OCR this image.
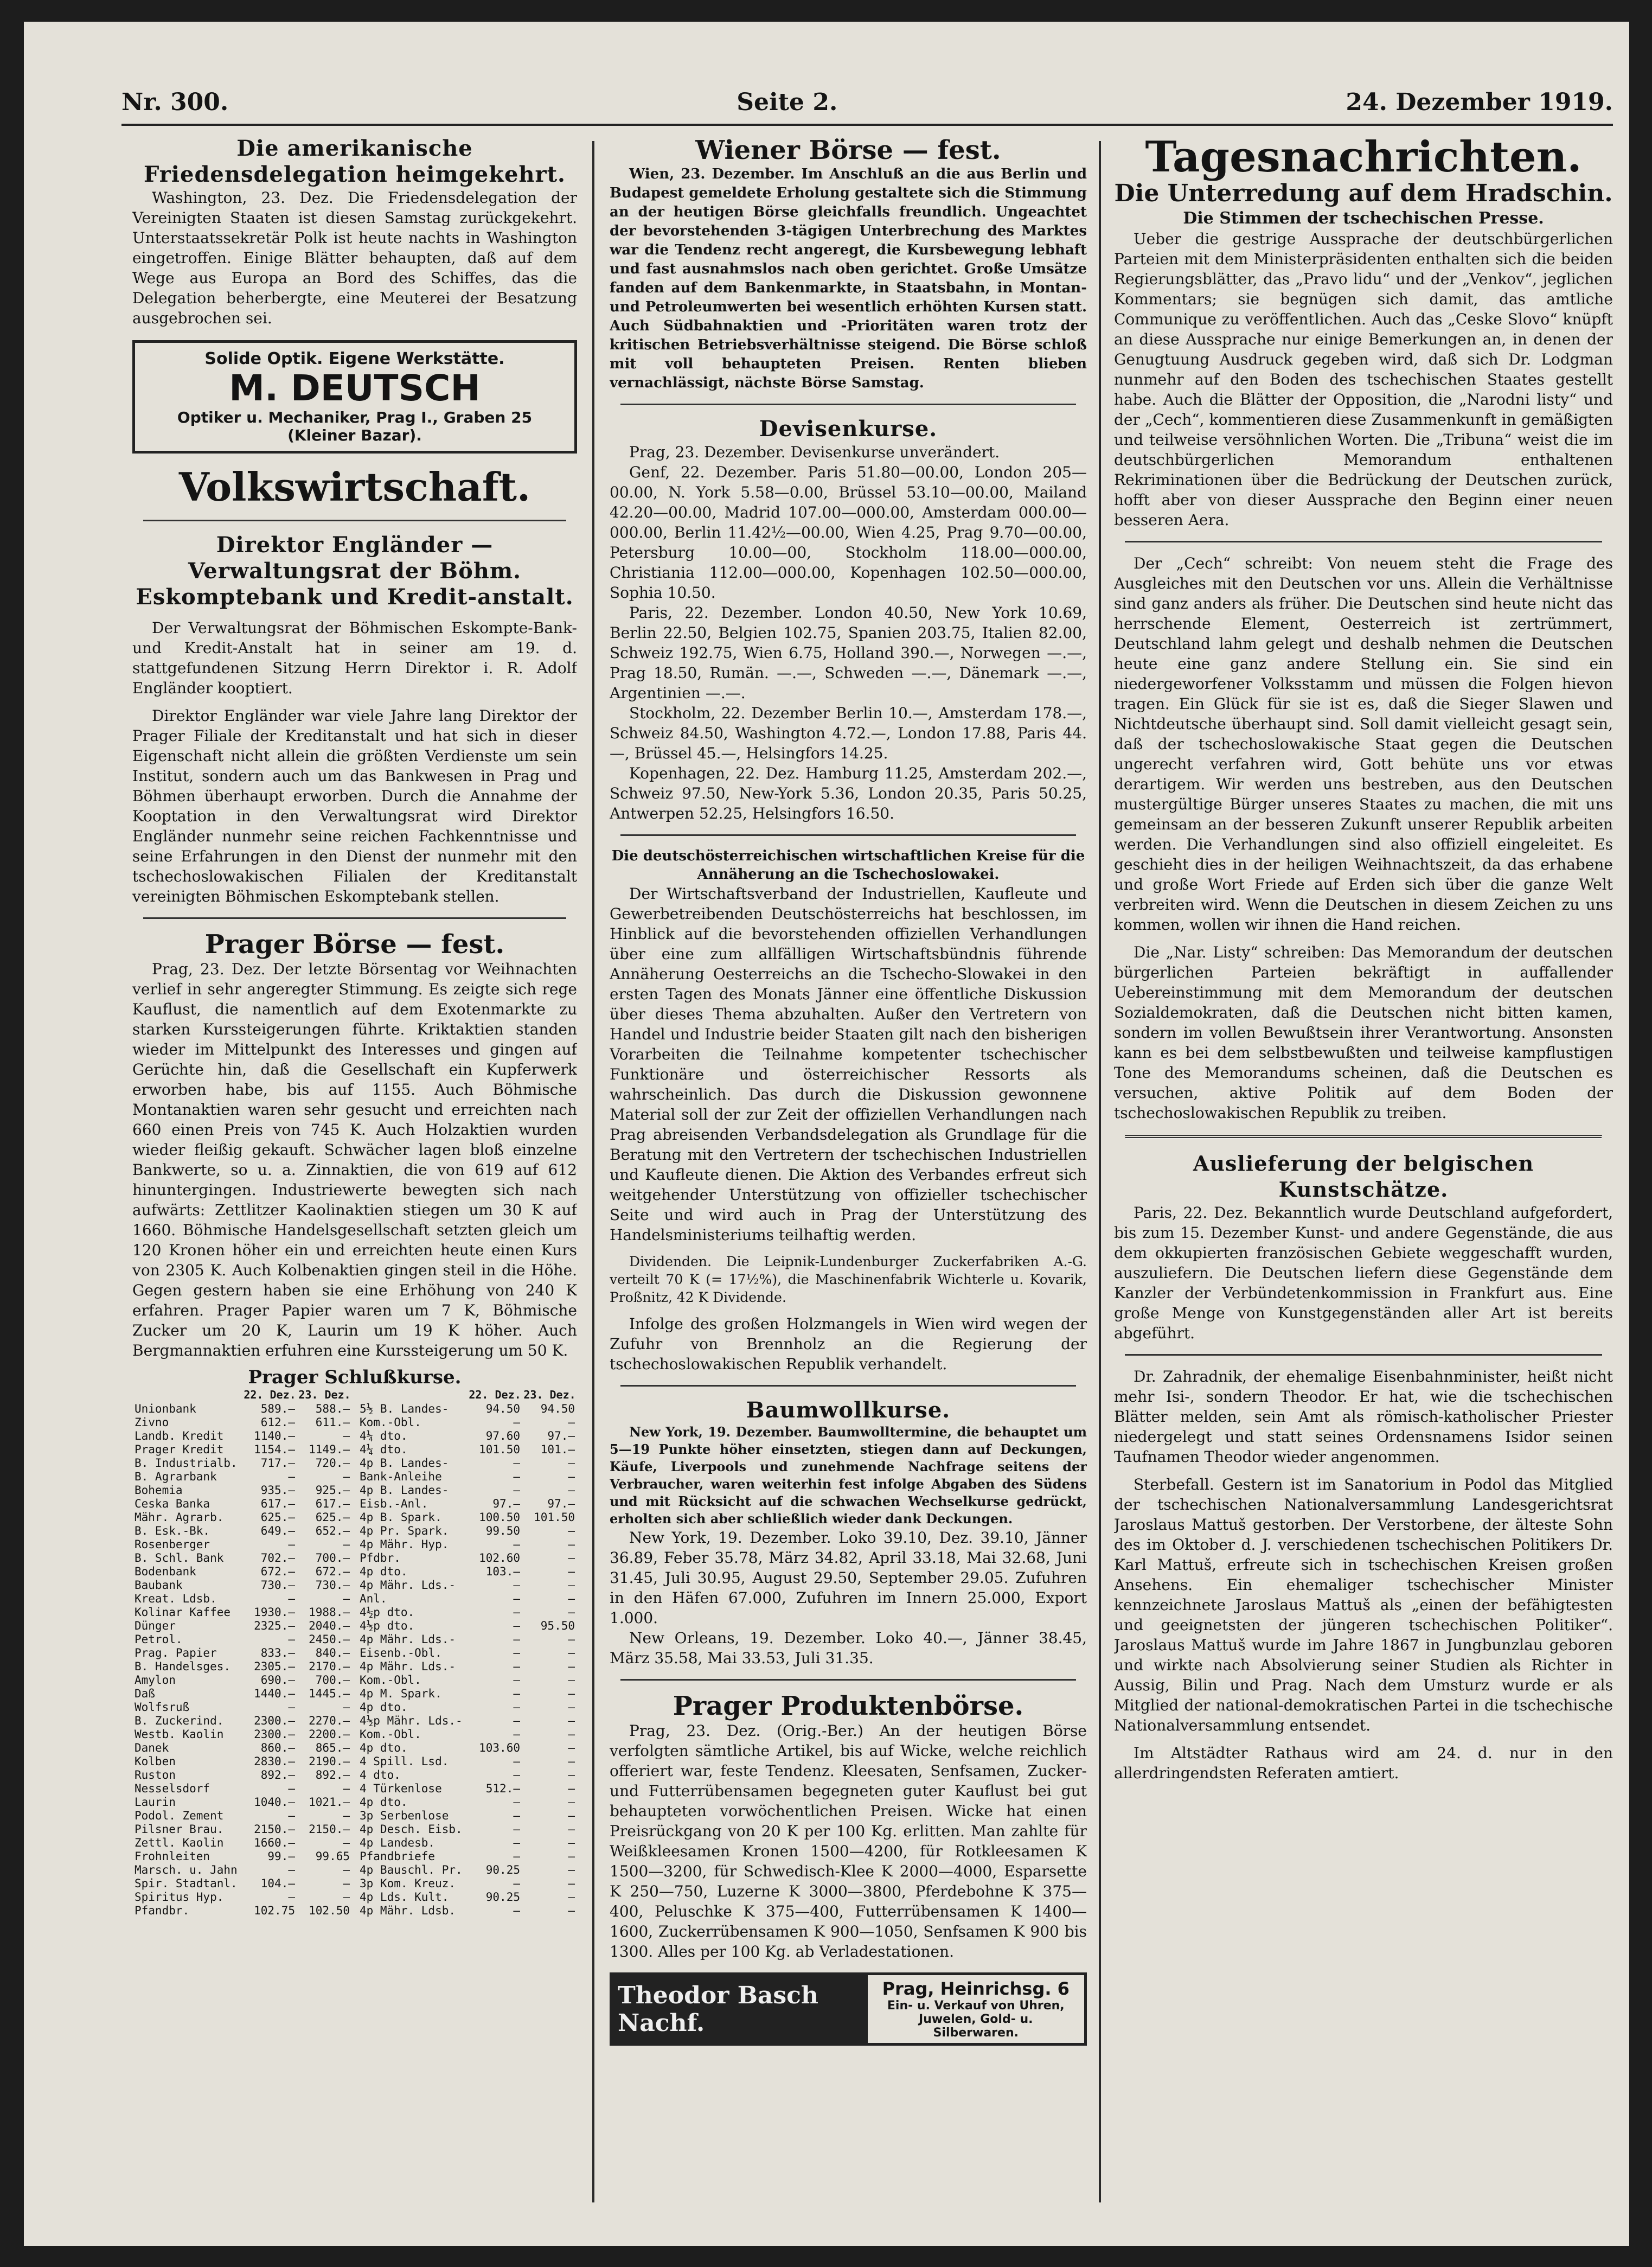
Nr. 300.	Seite 2.	24. Dezember 1919.
Die amerikanische Friedensdelegation heimgekehrt.

Washington, 23. Dez. Die Friedensdelegation der Vereinigten Staaten ist diesen Samstag zurückgekehrt. Unterstaatssekretär Polk ist heute nachts in Washington eingetroffen. Einige Blätter behaupten, daß auf dem Wege aus Europa an Bord des Schiffes, das die Delegation beherbergte, eine Meuterei der Besatzung ausgebrochen sei.

Solide Optik. Eigene Werkstätte.
M. DEUTSCH
Optiker u. Mechaniker, Prag I., Graben 25
(Kleiner Bazar).
Volkswirtschaft.
Direktor Engländer — Verwaltungsrat der Böhm. Eskomptebank und Kredit-anstalt.

Der Verwaltungsrat der Böhmischen Eskompte-Bank- und Kredit-Anstalt hat in seiner am 19. d. stattgefundenen Sitzung Herrn Direktor i. R. Adolf Engländer kooptiert.

Direktor Engländer war viele Jahre lang Direktor der Prager Filiale der Kreditanstalt und hat sich in dieser Eigenschaft nicht allein die größten Verdienste um sein Institut, sondern auch um das Bankwesen in Prag und Böhmen überhaupt erworben. Durch die Annahme der Kooptation in den Verwaltungsrat wird Direktor Engländer nunmehr seine reichen Fachkenntnisse und seine Erfahrungen in den Dienst der nunmehr mit den tschechoslowakischen Filialen der Kreditanstalt vereinigten Böhmischen Eskomptebank stellen.

Prager Börse — fest.

Prag, 23. Dez. Der letzte Börsentag vor Weihnachten verlief in sehr angeregter Stimmung. Es zeigte sich rege Kauflust, die namentlich auf dem Exotenmarkte zu starken Kurssteigerungen führte. Kriktaktien standen wieder im Mittelpunkt des Interesses und gingen auf Gerüchte hin, daß die Gesellschaft ein Kupferwerk erworben habe, bis auf 1155. Auch Böhmische Montanaktien waren sehr gesucht und erreichten nach 660 einen Preis von 745 K. Auch Holzaktien wurden wieder fleißig gekauft. Schwächer lagen bloß einzelne Bankwerte, so u. a. Zinnaktien, die von 619 auf 612 hinuntergingen. Industriewerte bewegten sich nach aufwärts: Zettlitzer Kaolinaktien stiegen um 30 K auf 1660. Böhmische Handelsgesellschaft setzten gleich um 120 Kronen höher ein und erreichten heute einen Kurs von 2305 K. Auch Kolbenaktien gingen steil in die Höhe. Gegen gestern haben sie eine Erhöhung von 240 K erfahren. Prager Papier waren um 7 K, Böhmische Zucker um 20 K, Laurin um 19 K höher. Auch Bergmannaktien erfuhren eine Kurssteigerung um 50 K.

Prager Schlußkurse.
	22. Dez.	23. Dez.
Unionbank	589.—	588.—
Zivno	612.—	611.—
Landb. Kredit	1140.—	—
Prager Kredit	1154.—	1149.—
B. Industrialb.	717.—	720.—
B. Agrarbank	—	—
Bohemia	935.—	925.—
Ceska Banka	617.—	617.—
Mähr. Agrarb.	625.—	625.—
B. Esk.-Bk.	649.—	652.—
Rosenberger	—	—
B. Schl. Bank	702.—	700.—
Bodenbank	672.—	672.—
Baubank	730.—	730.—
Kreat. Ldsb.	—	—
Kolinar Kaffee	1930.—	1988.—
Dünger	2325.—	2040.—
Petrol.	—	2450.—
Prag. Papier	833.—	840.—
B. Handelsges.	2305.—	2170.—
Amylon	690.—	700.—
Daß	1440.—	1445.—
Wolfsruß	—	—
B. Zuckerind.	2300.—	2270.—
Westb. Kaolin	2300.—	2200.—
Danek	860.—	865.—
Kolben	2830.—	2190.—
Ruston	892.—	892.—
Nesselsdorf	—	—
Laurin	1040.—	1021.—
Podol. Zement	—	—
Pilsner Brau.	2150.—	2150.—
Zettl. Kaolin	1660.—	—
Frohnleiten	99.—	99.65
Marsch. u. Jahn	—	—
Spir. Stadtanl.	104.—	—
Spiritus Hyp.	—	—
Pfandbr.	102.75	102.50
	22. Dez.	23. Dez.
5½ B. Landes-	94.50	94.50
Kom.-Obl.	—	—
4¼ dto.	97.60	97.—
4¼ dto.	101.50	101.—
4p B. Landes-	—	—
Bank-Anleihe	—	—
4p B. Landes-	—	—
Eisb.-Anl.	97.—	97.—
4p B. Spark.	100.50	101.50
4p Pr. Spark.	99.50	—
4p Mähr. Hyp.	—	—
Pfdbr.	102.60	—
4p dto.	103.—	—
4p Mähr. Lds.-	—	—
Anl.	—	—
4½p dto.	—	—
4½p dto.	—	95.50
4p Mähr. Lds.-	—	—
Eisenb.-Obl.	—	—
4p Mähr. Lds.-	—	—
Kom.-Obl.	—	—
4p M. Spark.	—	—
4p dto.	—	—
4½p Mähr. Lds.-	—	—
Kom.-Obl.	—	—
4p dto.	103.60	—
4 Spill. Lsd.	—	—
4 dto.	—	—
4 Türkenlose	512.—	—
4p dto.	—	—
3p Serbenlose	—	—
4p Desch. Eisb.	—	—
4p Landesb.	—	—
Pfandbriefe	—	—
4p Bauschl. Pr.	90.25	—
3p Kom. Kreuz.	—	—
4p Lds. Kult.	90.25	—
4p Mähr. Ldsb.	—	—
Wiener Börse — fest.

Wien, 23. Dezember. Im Anschluß an die aus Berlin und Budapest gemeldete Erholung gestaltete sich die Stimmung an der heutigen Börse gleichfalls freundlich. Ungeachtet der bevorstehenden 3-tägigen Unterbrechung des Marktes war die Tendenz recht angeregt, die Kursbewegung lebhaft und fast ausnahmslos nach oben gerichtet. Große Umsätze fanden auf dem Bankenmarkte, in Staatsbahn, in Montan- und Petroleumwerten bei wesentlich erhöhten Kursen statt. Auch Südbahnaktien und -Prioritäten waren trotz der kritischen Betriebsverhältnisse steigend. Die Börse schloß mit voll behaupteten Preisen. Renten blieben vernachlässigt, nächste Börse Samstag.

Devisenkurse.

Prag, 23. Dezember. Devisenkurse unverändert.

Genf, 22. Dezember. Paris 51.80—00.00, London 205—00.00, N. York 5.58—0.00, Brüssel 53.10—00.00, Mailand 42.20—00.00, Madrid 107.00—000.00, Amsterdam 000.00—000.00, Berlin 11.42½—00.00, Wien 4.25, Prag 9.70—00.00, Petersburg 10.00—00, Stockholm 118.00—000.00, Christiania 112.00—000.00, Kopenhagen 102.50—000.00, Sophia 10.50.

Paris, 22. Dezember. London 40.50, New York 10.69, Berlin 22.50, Belgien 102.75, Spanien 203.75, Italien 82.00, Schweiz 192.75, Wien 6.75, Holland 390.—, Norwegen —.—, Prag 18.50, Rumän. —.—, Schweden —.—, Dänemark —.—, Argentinien —.—.

Stockholm, 22. Dezember Berlin 10.—, Amsterdam 178.—, Schweiz 84.50, Washington 4.72.—, London 17.88, Paris 44.—, Brüssel 45.—, Helsingfors 14.25.

Kopenhagen, 22. Dez. Hamburg 11.25, Amsterdam 202.—, Schweiz 97.50, New-York 5.36, London 20.35, Paris 50.25, Antwerpen 52.25, Helsingfors 16.50.

Die deutschösterreichischen wirtschaftlichen Kreise für die Annäherung an die Tschechoslowakei.

Der Wirtschaftsverband der Industriellen, Kaufleute und Gewerbetreibenden Deutschösterreichs hat beschlossen, im Hinblick auf die bevorstehenden offiziellen Verhandlungen über eine zum allfälligen Wirtschaftsbündnis führende Annäherung Oesterreichs an die Tschecho-Slowakei in den ersten Tagen des Monats Jänner eine öffentliche Diskussion über dieses Thema abzuhalten. Außer den Vertretern von Handel und Industrie beider Staaten gilt nach den bisherigen Vorarbeiten die Teilnahme kompetenter tschechischer Funktionäre und österreichischer Ressorts als wahrscheinlich. Das durch die Diskussion gewonnene Material soll der zur Zeit der offiziellen Verhandlungen nach Prag abreisenden Verbandsdelegation als Grundlage für die Beratung mit den Vertretern der tschechischen Industriellen und Kaufleute dienen. Die Aktion des Verbandes erfreut sich weitgehender Unterstützung von offizieller tschechischer Seite und wird auch in Prag der Unterstützung des Handelsministeriums teilhaftig werden.

Dividenden. Die Leipnik-Lundenburger Zuckerfabriken A.-G. verteilt 70 K (= 17½%), die Maschinenfabrik Wichterle u. Kovarik, Proßnitz, 42 K Dividende.

Infolge des großen Holzmangels in Wien wird wegen der Zufuhr von Brennholz an die Regierung der tschechoslowakischen Republik verhandelt.

Baumwollkurse.

New York, 19. Dezember. Baumwolltermine, die behauptet um 5—19 Punkte höher einsetzten, stiegen dann auf Deckungen, Käufe, Liverpools und zunehmende Nachfrage seitens der Verbraucher, waren weiterhin fest infolge Abgaben des Südens und mit Rücksicht auf die schwachen Wechselkurse gedrückt, erholten sich aber schließlich wieder dank Deckungen.

New York, 19. Dezember. Loko 39.10, Dez. 39.10, Jänner 36.89, Feber 35.78, März 34.82, April 33.18, Mai 32.68, Juni 31.45, Juli 30.95, August 29.50, September 29.05. Zufuhren in den Häfen 67.000, Zufuhren im Innern 25.000, Export 1.000.

New Orleans, 19. Dezember. Loko 40.—, Jänner 38.45, März 35.58, Mai 33.53, Juli 31.35.

Prager Produktenbörse.

Prag, 23. Dez. (Orig.-Ber.) An der heutigen Börse verfolgten sämtliche Artikel, bis auf Wicke, welche reichlich offeriert war, feste Tendenz. Kleesaten, Senfsamen, Zucker- und Futterrübensamen begegneten guter Kauflust bei gut behaupteten vorwöchentlichen Preisen. Wicke hat einen Preisrückgang von 20 K per 100 Kg. erlitten. Man zahlte für Weißkleesamen Kronen 1500—4200, für Rotkleesamen K 1500—3200, für Schwedisch-Klee K 2000—4000, Esparsette K 250—750, Luzerne K 3000—3800, Pferdebohne K 375—400, Peluschke K 375—400, Futterrübensamen K 1400—1600, Zuckerrübensamen K 900—1050, Senfsamen K 900 bis 1300. Alles per 100 Kg. ab Verladestationen.

Theodor Basch Nachf.
Prag, Heinrichsg. 6
Ein- u. Verkauf von Uhren,
Juwelen, Gold- u. Silberwaren.
Tagesnachrichten.
Die Unterredung auf dem Hradschin.
Die Stimmen der tschechischen Presse.

Ueber die gestrige Aussprache der deutschbürgerlichen Parteien mit dem Ministerpräsidenten enthalten sich die beiden Regierungsblätter, das „Pravo lidu“ und der „Venkov“, jeglichen Kommentars; sie begnügen sich damit, das amtliche Communique zu veröffentlichen. Auch das „Ceske Slovo“ knüpft an diese Aussprache nur einige Bemerkungen an, in denen der Genugtuung Ausdruck gegeben wird, daß sich Dr. Lodgman nunmehr auf den Boden des tschechischen Staates gestellt habe. Auch die Blätter der Opposition, die „Narodni listy“ und der „Cech“, kommentieren diese Zusammenkunft in gemäßigten und teilweise versöhnlichen Worten. Die „Tribuna“ weist die im deutschbürgerlichen Memorandum enthaltenen Rekriminationen über die Bedrückung der Deutschen zurück, hofft aber von dieser Aussprache den Beginn einer neuen besseren Aera.

Der „Cech“ schreibt: Von neuem steht die Frage des Ausgleiches mit den Deutschen vor uns. Allein die Verhältnisse sind ganz anders als früher. Die Deutschen sind heute nicht das herrschende Element, Oesterreich ist zertrümmert, Deutschland lahm gelegt und deshalb nehmen die Deutschen heute eine ganz andere Stellung ein. Sie sind ein niedergeworfener Volksstamm und müssen die Folgen hievon tragen. Ein Glück für sie ist es, daß die Sieger Slawen und Nichtdeutsche überhaupt sind. Soll damit vielleicht gesagt sein, daß der tschechoslowakische Staat gegen die Deutschen ungerecht verfahren wird, Gott behüte uns vor etwas derartigem. Wir werden uns bestreben, aus den Deutschen mustergültige Bürger unseres Staates zu machen, die mit uns gemeinsam an der besseren Zukunft unserer Republik arbeiten werden. Die Verhandlungen sind also offiziell eingeleitet. Es geschieht dies in der heiligen Weihnachtszeit, da das erhabene und große Wort Friede auf Erden sich über die ganze Welt verbreiten wird. Wenn die Deutschen in diesem Zeichen zu uns kommen, wollen wir ihnen die Hand reichen.

Die „Nar. Listy“ schreiben: Das Memorandum der deutschen bürgerlichen Parteien bekräftigt in auffallender Uebereinstimmung mit dem Memorandum der deutschen Sozialdemokraten, daß die Deutschen nicht bitten kamen, sondern im vollen Bewußtsein ihrer Verantwortung. Ansonsten kann es bei dem selbstbewußten und teilweise kampflustigen Tone des Memorandums scheinen, daß die Deutschen es versuchen, aktive Politik auf dem Boden der tschechoslowakischen Republik zu treiben.

Auslieferung der belgischen Kunstschätze.

Paris, 22. Dez. Bekanntlich wurde Deutschland aufgefordert, bis zum 15. Dezember Kunst- und andere Gegenstände, die aus dem okkupierten französischen Gebiete weggeschafft wurden, auszuliefern. Die Deutschen liefern diese Gegenstände dem Kanzler der Verbündetenkommission in Frankfurt aus. Eine große Menge von Kunstgegenständen aller Art ist bereits abgeführt.

Dr. Zahradnik, der ehemalige Eisenbahnminister, heißt nicht mehr Isi-, sondern Theodor. Er hat, wie die tschechischen Blätter melden, sein Amt als römisch-katholischer Priester niedergelegt und statt seines Ordensnamens Isidor seinen Taufnamen Theodor wieder angenommen.

Sterbefall. Gestern ist im Sanatorium in Podol das Mitglied der tschechischen Nationalversammlung Landesgerichtsrat Jaroslaus Mattuš gestorben. Der Verstorbene, der älteste Sohn des im Oktober d. J. verschiedenen tschechischen Politikers Dr. Karl Mattuš, erfreute sich in tschechischen Kreisen großen Ansehens. Ein ehemaliger tschechischer Minister kennzeichnete Jaroslaus Mattuš als „einen der befähigtesten und geeignetsten der jüngeren tschechischen Politiker“. Jaroslaus Mattuš wurde im Jahre 1867 in Jungbunzlau geboren und wirkte nach Absolvierung seiner Studien als Richter in Aussig, Bilin und Prag. Nach dem Umsturz wurde er als Mitglied der national-demokratischen Partei in die tschechische Nationalversammlung entsendet.

Im Altstädter Rathaus wird am 24. d. nur in den allerdringendsten Referaten amtiert.
